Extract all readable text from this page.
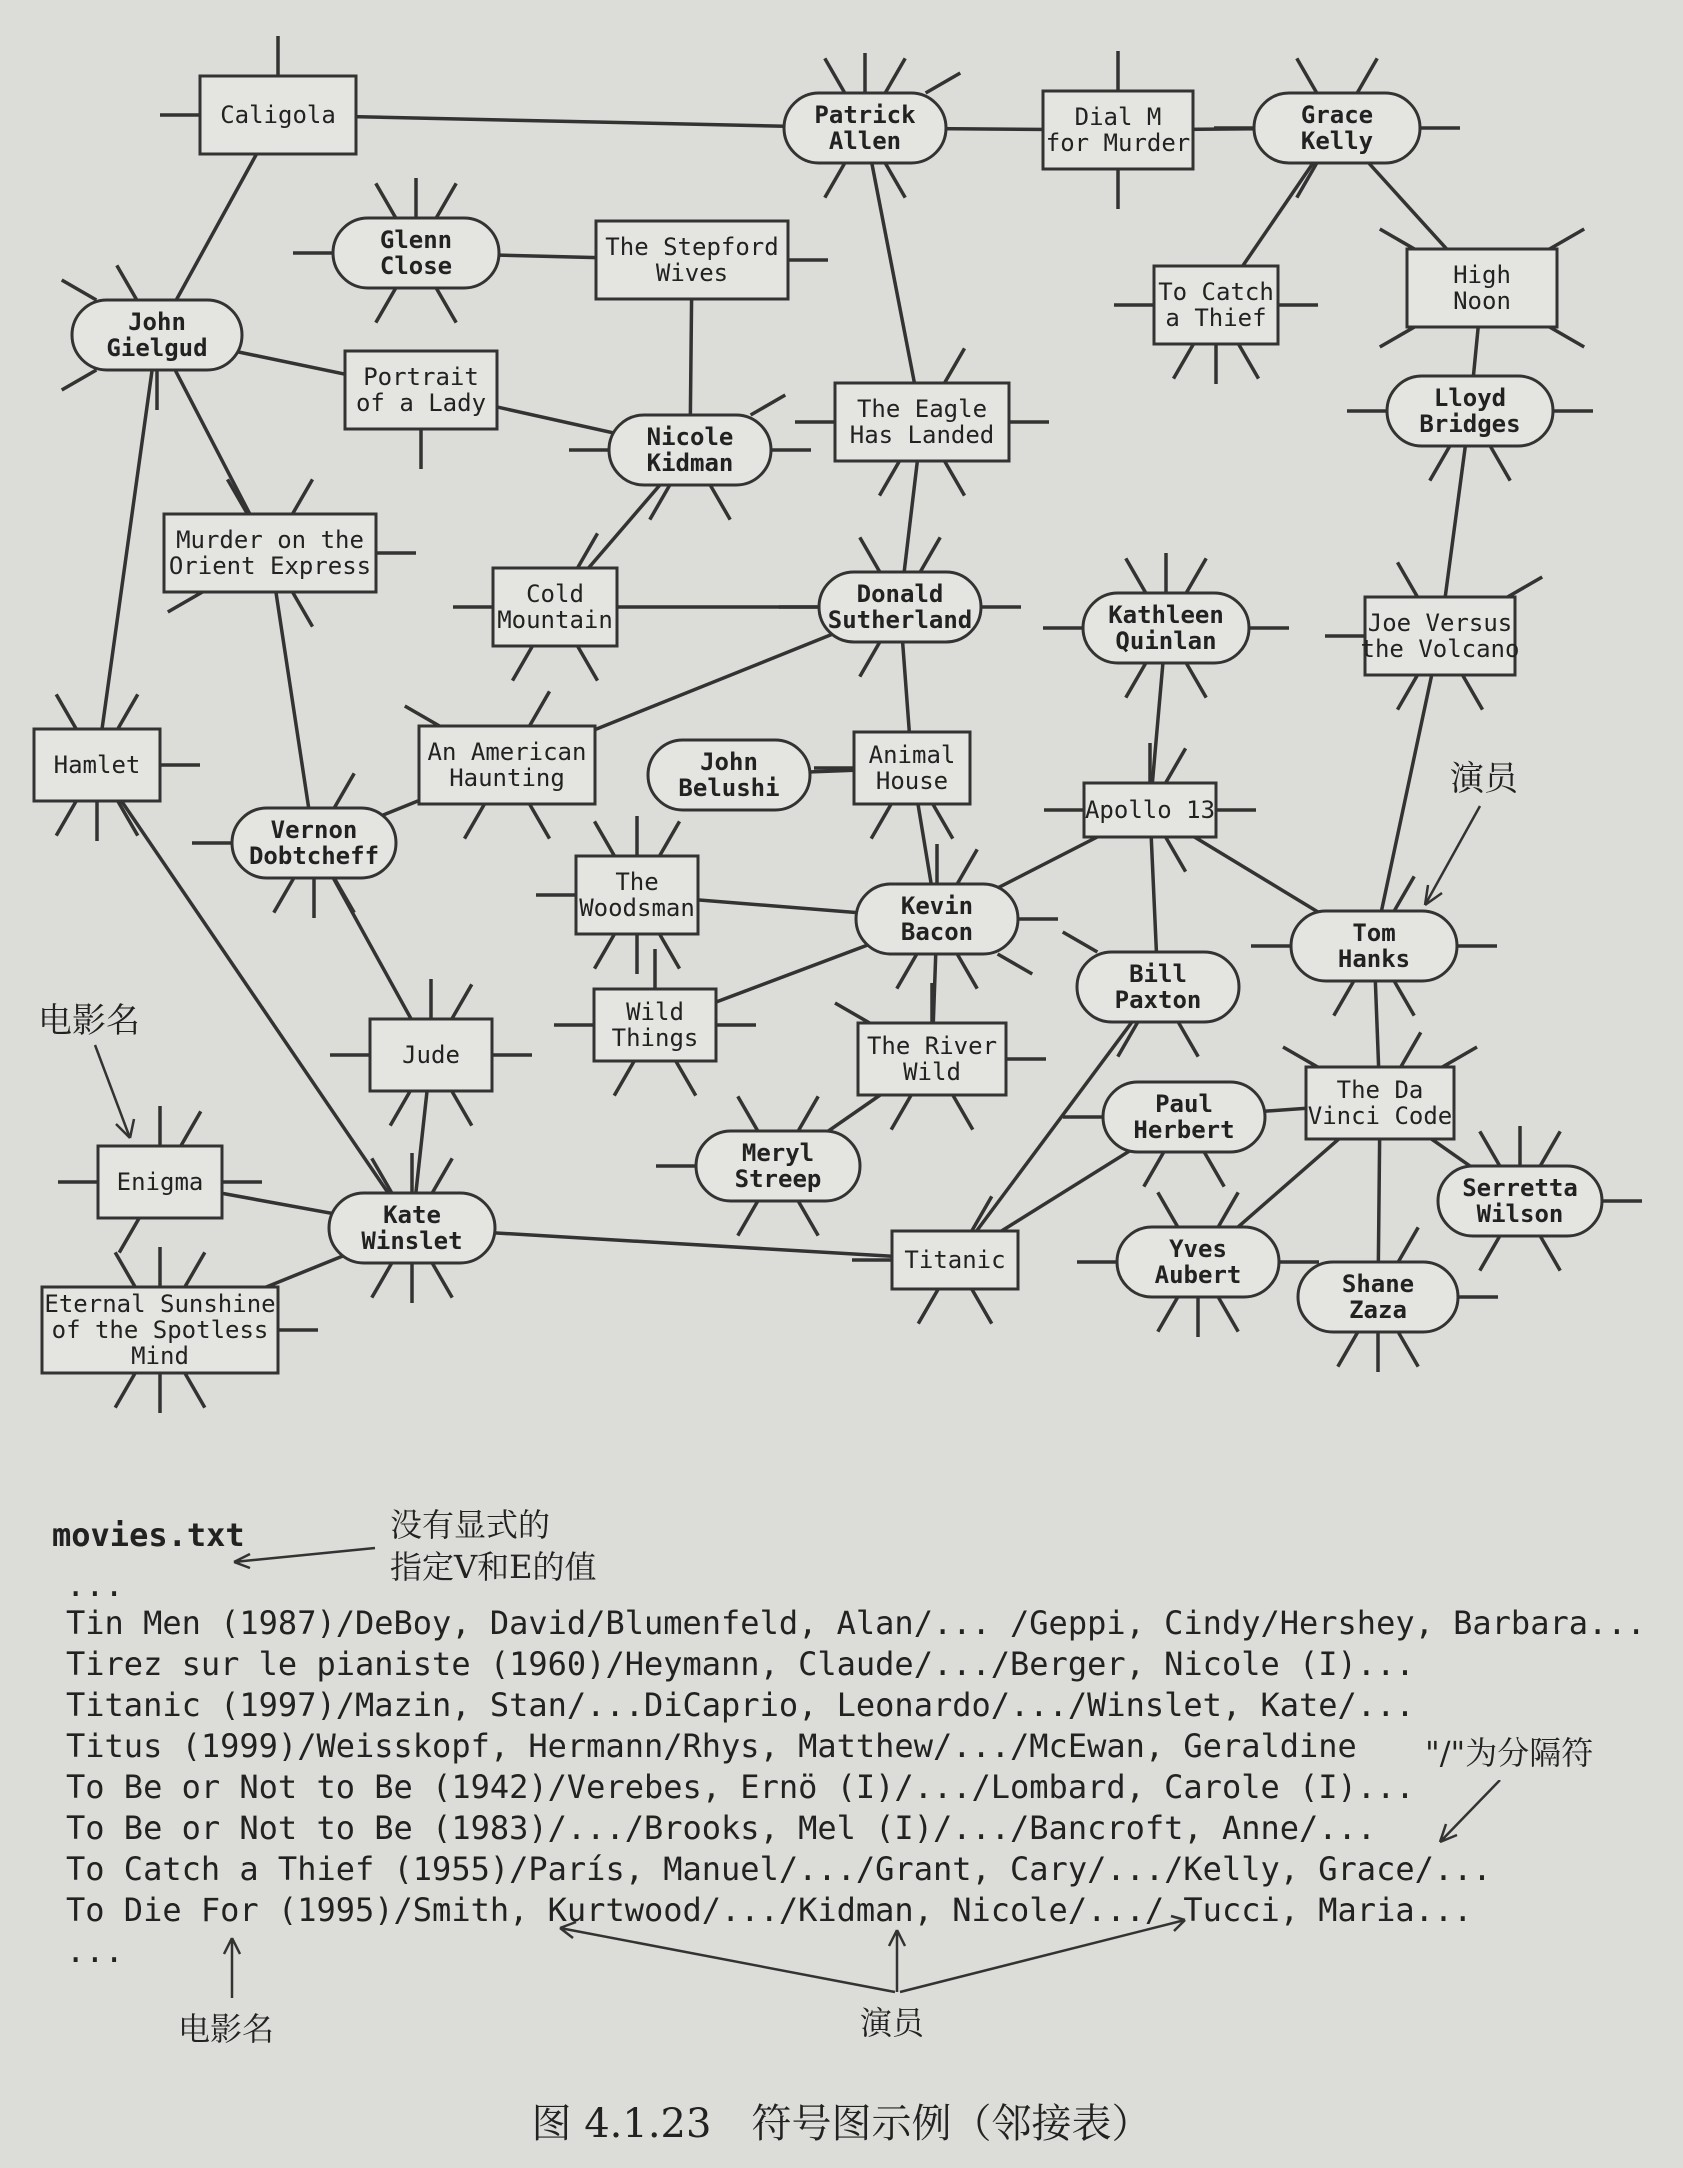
Caligola	Dial M
for Murder
The Stepford
Wives
Portrait
of a Lady
To Catch
a Thief
High
Noon
The Eagle
Has Landed
Murder on the
Orient Express
Cold
Mountain	Joe Versus
the Volcano
Hamlet	An American
Haunting
Animal
House
Apollo 13
The
Woodsman
Wild
Things
Jude	The River
Wild
The Da
Vinci Code
Enigma
Titanic
Eternal Sunshine
of the Spotless
Mind
Patrick
Allen
Grace
Kelly
Glenn
Close
John
Gielgud
Nicole
Kidman
Lloyd
Bridges
Donald
Sutherland	Kathleen
Quinlan
John
Belushi
Vernon
Dobtcheff
Kevin
Bacon	Tom
Hanks
Bill
Paxton
Paul
Herbert
Meryl
Streep	Serretta
Wilson
Kate
Winslet	Yves
Aubert	Shane
Zaza
演员
电影名
movies.txt	没有显式的
指定V和E的值
...
Tin Men (1987)/DeBoy, David/Blumenfeld, Alan/... /Geppi, Cindy/Hershey, Barbara...
Tirez sur le pianiste (1960)/Heymann, Claude/.../Berger, Nicole (I)...
Titanic (1997)/Mazin, Stan/...DiCaprio, Leonardo/.../Winslet, Kate/...
Titus (1999)/Weisskopf, Hermann/Rhys, Matthew/.../McEwan, Geraldine
To Be or Not to Be (1942)/Verebes, Ernö (I)/.../Lombard, Carole (I)...
To Be or Not to Be (1983)/.../Brooks, Mel (I)/.../Bancroft, Anne/...
To Catch a Thief (1955)/París, Manuel/.../Grant, Cary/.../Kelly, Grace/...
To Die For (1995)/Smith, Kurtwood/.../Kidman, Nicole/.../ Tucci, Maria...
...
"/"为分隔符
电影名	演员
图 4.1.23　符号图示例（邻接表）
